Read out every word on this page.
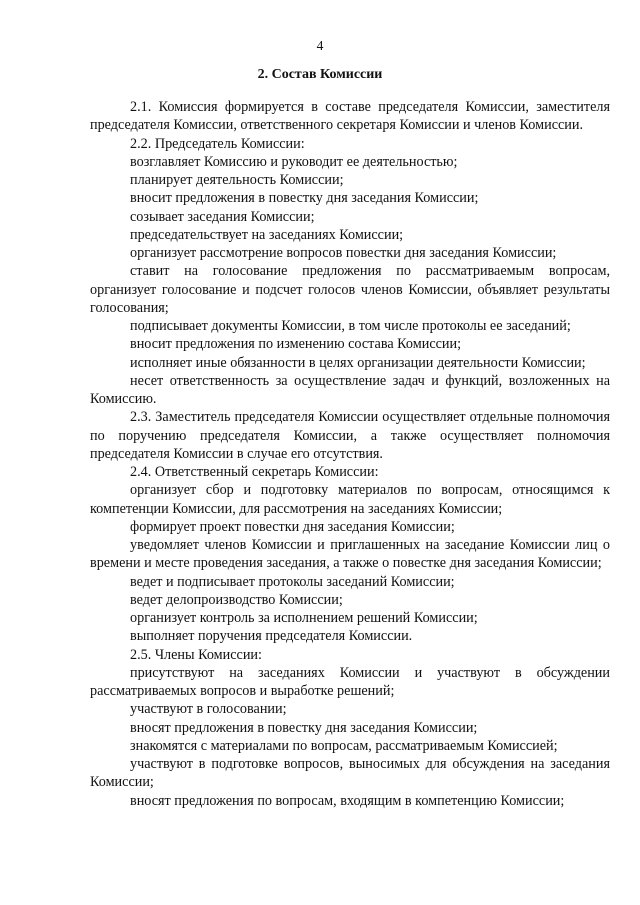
4
2. Состав Комиссии

2.1. Комиссия формируется в составе председателя Комиссии, заместителя председателя Комиссии, ответственного секретаря Комиссии и членов Комиссии.

2.2. Председатель Комиссии:

возглавляет Комиссию и руководит ее деятельностью;

планирует деятельность Комиссии;

вносит предложения в повестку дня заседания Комиссии;

созывает заседания Комиссии;

председательствует на заседаниях Комиссии;

организует рассмотрение вопросов повестки дня заседания Комиссии;

ставит на голосование предложения по рассматриваемым вопросам, организует голосование и подсчет голосов членов Комиссии, объявляет результаты голосования;

подписывает документы Комиссии, в том числе протоколы ее заседаний;

вносит предложения по изменению состава Комиссии;

исполняет иные обязанности в целях организации деятельности Комиссии;

несет ответственность за осуществление задач и функций, возложенных на Комиссию.

2.3. Заместитель председателя Комиссии осуществляет отдельные полномочия по поручению председателя Комиссии, а также осуществляет полномочия председателя Комиссии в случае его отсутствия.

2.4. Ответственный секретарь Комиссии:

организует сбор и подготовку материалов по вопросам, относящимся к компетенции Комиссии, для рассмотрения на заседаниях Комиссии;

формирует проект повестки дня заседания Комиссии;

уведомляет членов Комиссии и приглашенных на заседание Комиссии лиц о времени и месте проведения заседания, а также о повестке дня заседания Комиссии;

ведет и подписывает протоколы заседаний Комиссии;

ведет делопроизводство Комиссии;

организует контроль за исполнением решений Комиссии;

выполняет поручения председателя Комиссии.

2.5. Члены Комиссии:

присутствуют на заседаниях Комиссии и участвуют в обсуждении рассматриваемых вопросов и выработке решений;

участвуют в голосовании;

вносят предложения в повестку дня заседания Комиссии;

знакомятся с материалами по вопросам, рассматриваемым Комиссией;

участвуют в подготовке вопросов, выносимых для обсуждения на заседания Комиссии;

вносят предложения по вопросам, входящим в компетенцию Комиссии;
